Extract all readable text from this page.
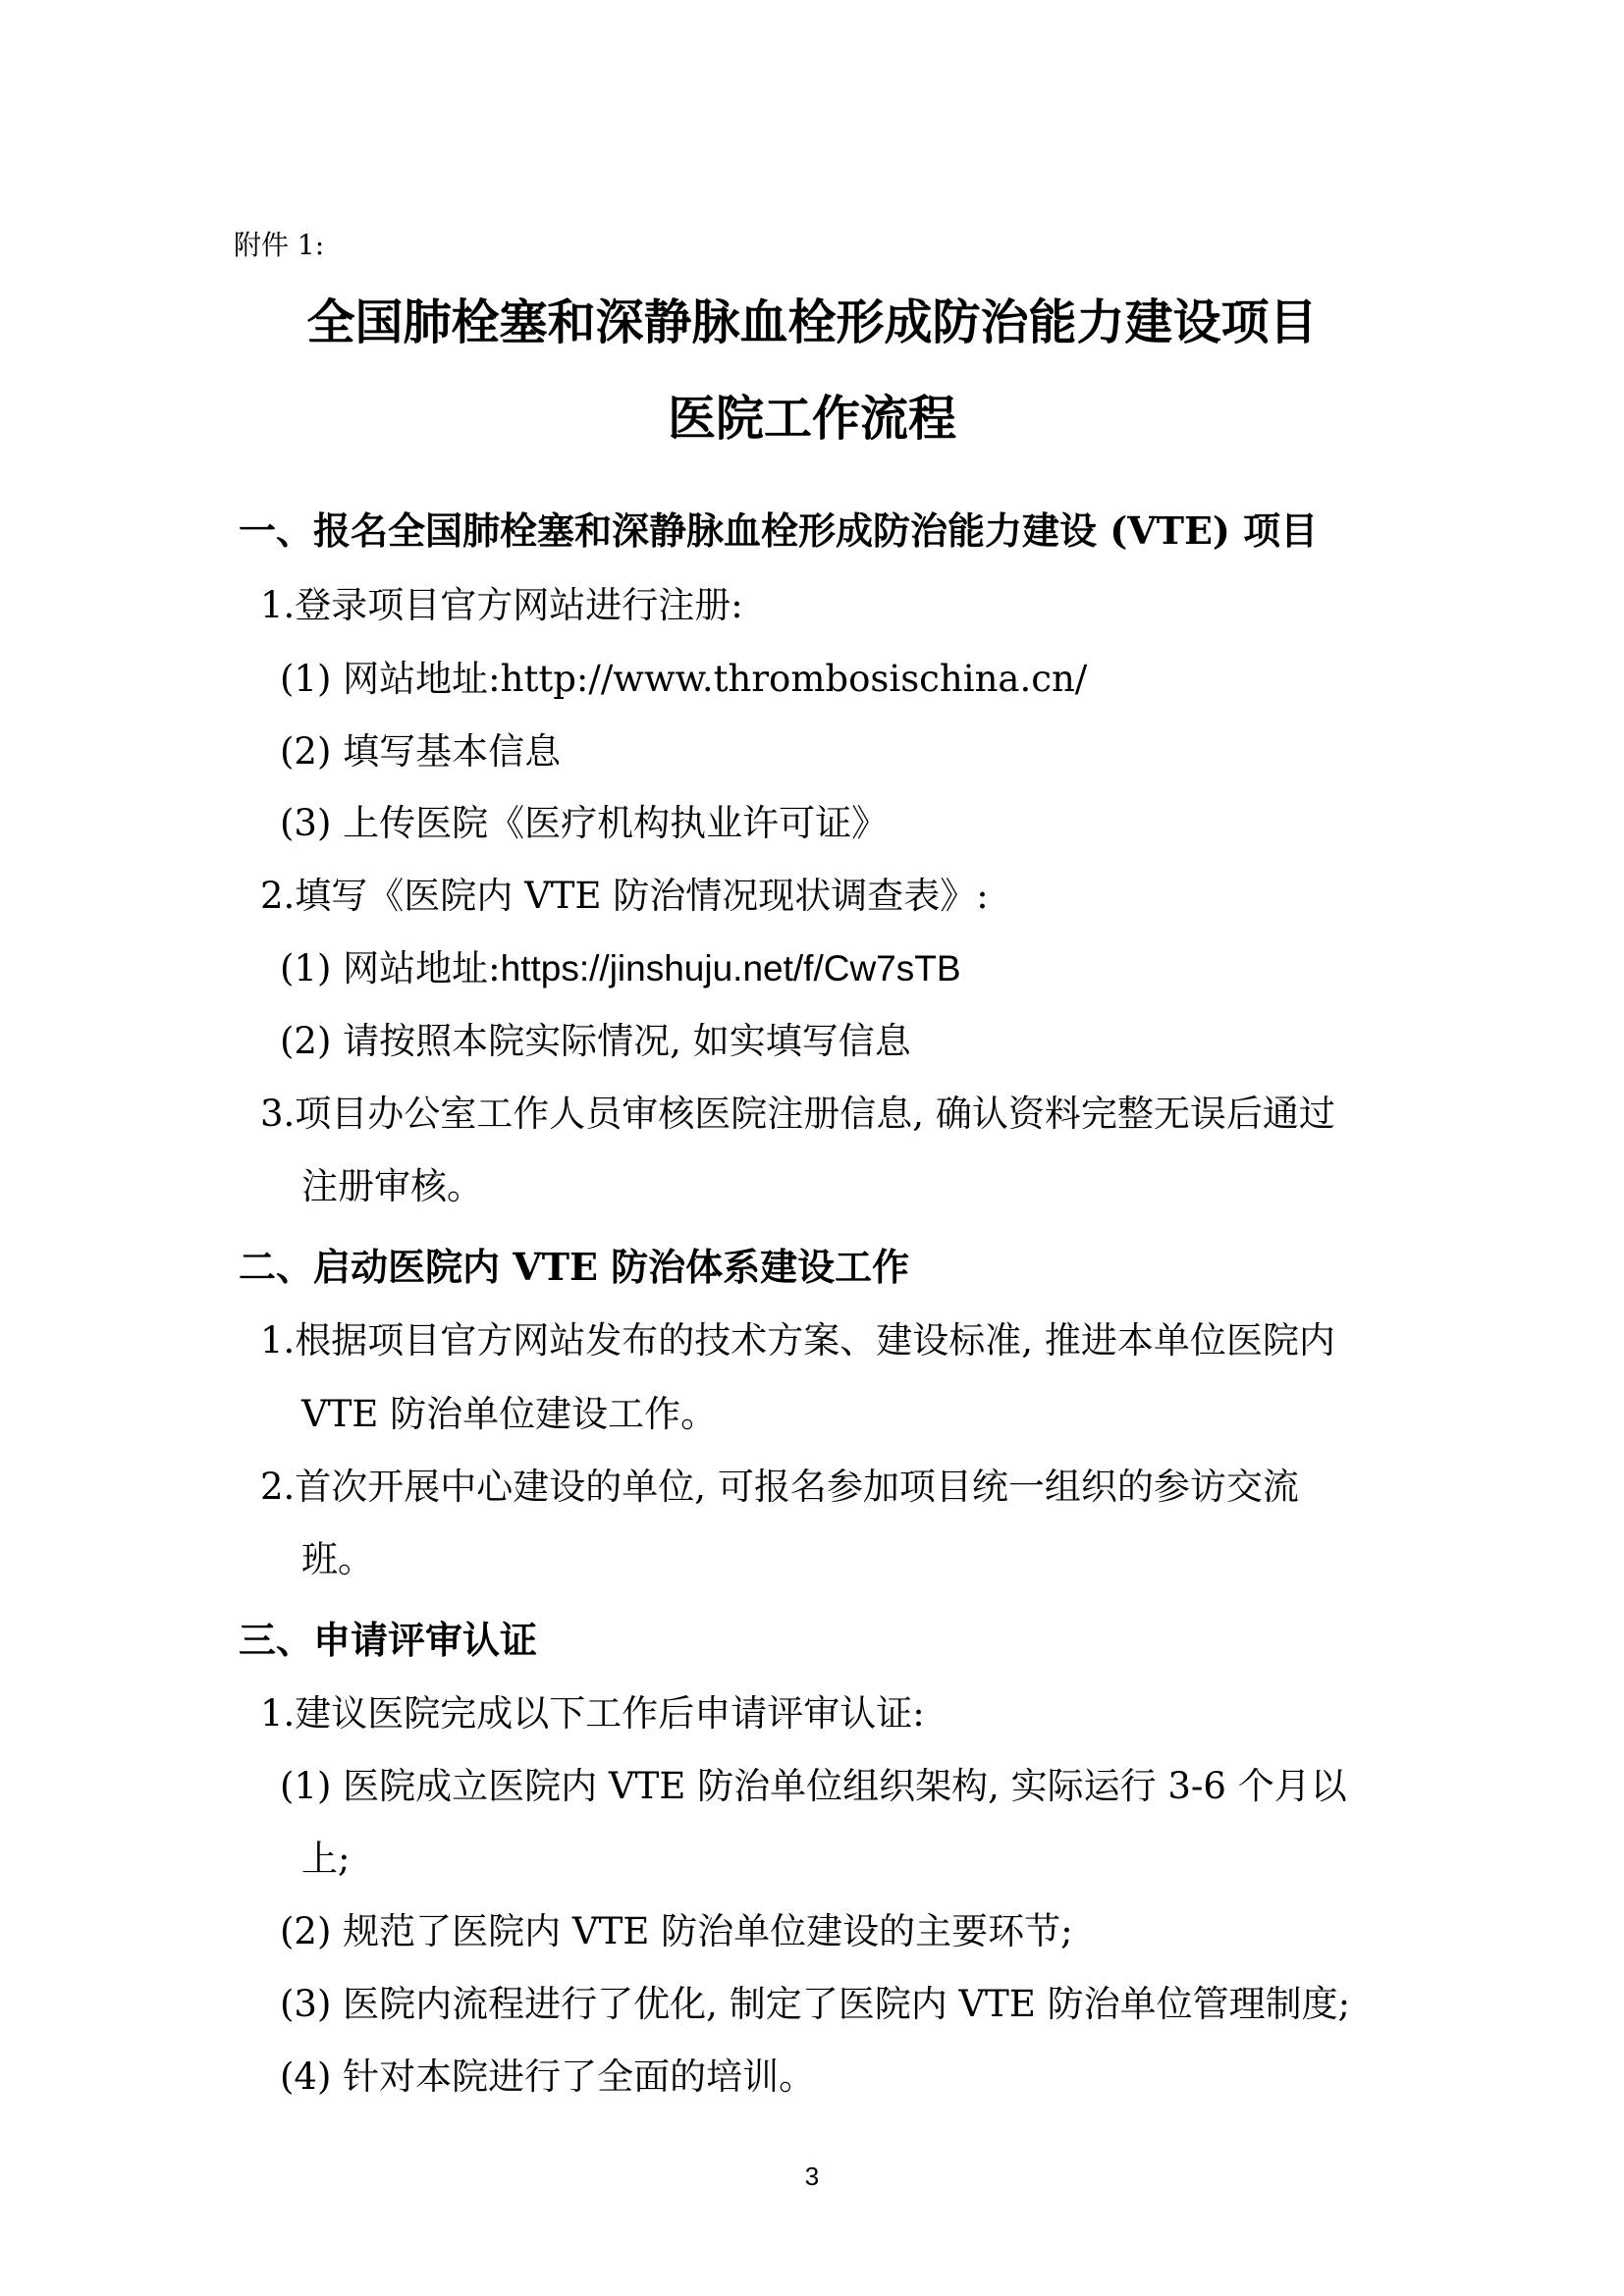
附件 1:
全国肺栓塞和深静脉血栓形成防治能力建设项目
医院工作流程
一、报名全国肺栓塞和深静脉血栓形成防治能力建设 (VTE) 项目
1.登录项目官方网站进行注册:
(1) 网站地址:http://www.thrombosischina.cn/
(2) 填写基本信息
(3) 上传医院《医疗机构执业许可证》
2.填写《医院内 VTE 防治情况现状调查表》:
(1) 网站地址:https://jinshuju.net/f/Cw7sTB
(2) 请按照本院实际情况, 如实填写信息
3.项目办公室工作人员审核医院注册信息, 确认资料完整无误后通过
注册审核。
二、启动医院内 VTE 防治体系建设工作
1.根据项目官方网站发布的技术方案、建设标准, 推进本单位医院内
VTE 防治单位建设工作。
2.首次开展中心建设的单位, 可报名参加项目统一组织的参访交流
班。
三、申请评审认证
1.建议医院完成以下工作后申请评审认证:
(1) 医院成立医院内 VTE 防治单位组织架构, 实际运行 3-6 个月以
上;
(2) 规范了医院内 VTE 防治单位建设的主要环节;
(3) 医院内流程进行了优化, 制定了医院内 VTE 防治单位管理制度;
(4) 针对本院进行了全面的培训。
3
